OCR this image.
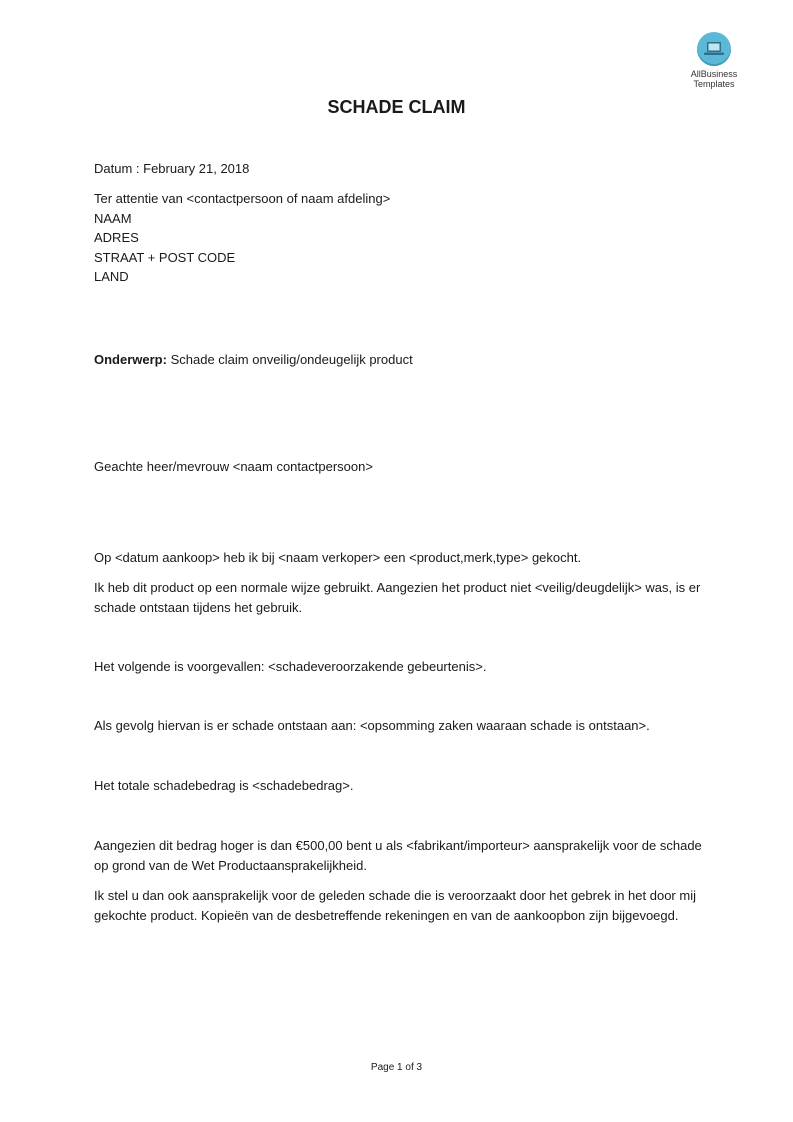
AllBusiness
Templates
SCHADE CLAIM

Datum : February 21, 2018

Ter attentie van <contactpersoon of naam afdeling>

NAAM

ADRES

STRAAT + POST CODE

LAND

Onderwerp: Schade claim onveilig/ondeugelijk product

Geachte heer/mevrouw <naam contactpersoon>

Op <datum aankoop> heb ik bij <naam verkoper> een <product,merk,type> gekocht.

Ik heb dit product op een normale wijze gebruikt. Aangezien het product niet <veilig/deugdelijk> was, is er schade ontstaan tijdens het gebruik.

Het volgende is voorgevallen: <schadeveroorzakende gebeurtenis>.

Als gevolg hiervan is er schade ontstaan aan: <opsomming zaken waaraan schade is ontstaan>.

Het totale schadebedrag is <schadebedrag>.

Aangezien dit bedrag hoger is dan €500,00 bent u als <fabrikant/importeur> aansprakelijk voor de schade op grond van de Wet Productaansprakelijkheid.

Ik stel u dan ook aansprakelijk voor de geleden schade die is veroorzaakt door het gebrek in het door mij gekochte product. Kopieën van de desbetreffende rekeningen en van de aankoopbon zijn bijgevoegd.

Page 1 of 3
